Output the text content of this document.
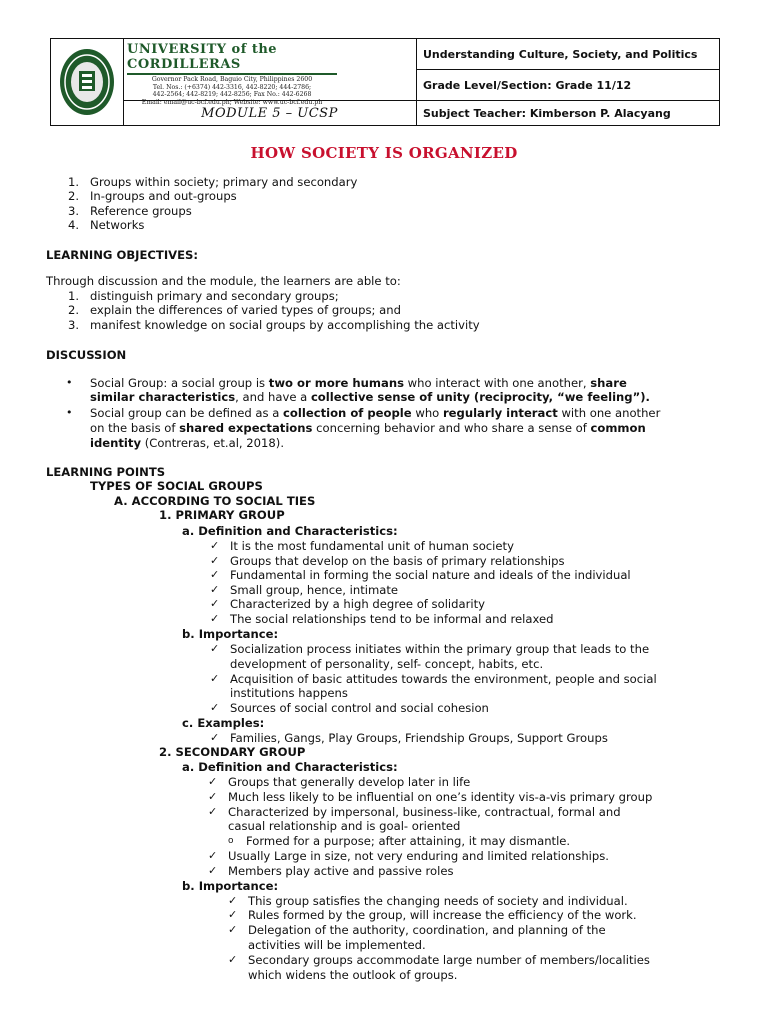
UNIVERSITY of the CORDILLERAS
Governor Pack Road, Baguio City, Philippines 2600
Tel. Nos.: (+6374) 442-3316, 442-8220; 444-2786;
442-2564; 442-8219; 442-8256; Fax No.: 442-6268
Email: email@uc-bcf.edu.ph; Website: www.uc-bcf.edu.ph
MODULE 5 – UCSP
Understanding Culture, Society, and Politics
Grade Level/Section: Grade 11/12
Subject Teacher: Kimberson P. Alacyang
HOW SOCIETY IS ORGANIZED
1. Groups within society; primary and secondary
2. In-groups and out-groups
3. Reference groups
4. Networks
LEARNING OBJECTIVES:
Through discussion and the module, the learners are able to:
1. distinguish primary and secondary groups;
2. explain the differences of varied types of groups; and
3. manifest knowledge on social groups by accomplishing the activity
DISCUSSION
• Social Group: a social group is two or more humans who interact with one another, share
similar characteristics, and have a collective sense of unity (reciprocity, “we feeling”).
• Social group can be defined as a collection of people who regularly interact with one another
on the basis of shared expectations concerning behavior and who share a sense of common
identity (Contreras, et.al, 2018).
LEARNING POINTS
TYPES OF SOCIAL GROUPS
A. ACCORDING TO SOCIAL TIES
1. PRIMARY GROUP
a. Definition and Characteristics:
✓ It is the most fundamental unit of human society
✓ Groups that develop on the basis of primary relationships
✓ Fundamental in forming the social nature and ideals of the individual
✓ Small group, hence, intimate
✓ Characterized by a high degree of solidarity
✓ The social relationships tend to be informal and relaxed
b. Importance:
✓ Socialization process initiates within the primary group that leads to the
development of personality, self- concept, habits, etc.
✓ Acquisition of basic attitudes towards the environment, people and social
institutions happens
✓ Sources of social control and social cohesion
c. Examples:
✓ Families, Gangs, Play Groups, Friendship Groups, Support Groups
2. SECONDARY GROUP
a. Definition and Characteristics:
✓ Groups that generally develop later in life
✓ Much less likely to be influential on one’s identity vis-a-vis primary group
✓ Characterized by impersonal, business-like, contractual, formal and
casual relationship and is goal- oriented
o Formed for a purpose; after attaining, it may dismantle.
✓ Usually Large in size, not very enduring and limited relationships.
✓ Members play active and passive roles
b. Importance:
✓ This group satisfies the changing needs of society and individual.
✓ Rules formed by the group, will increase the efficiency of the work.
✓ Delegation of the authority, coordination, and planning of the
activities will be implemented.
✓ Secondary groups accommodate large number of members/localities
which widens the outlook of groups.
